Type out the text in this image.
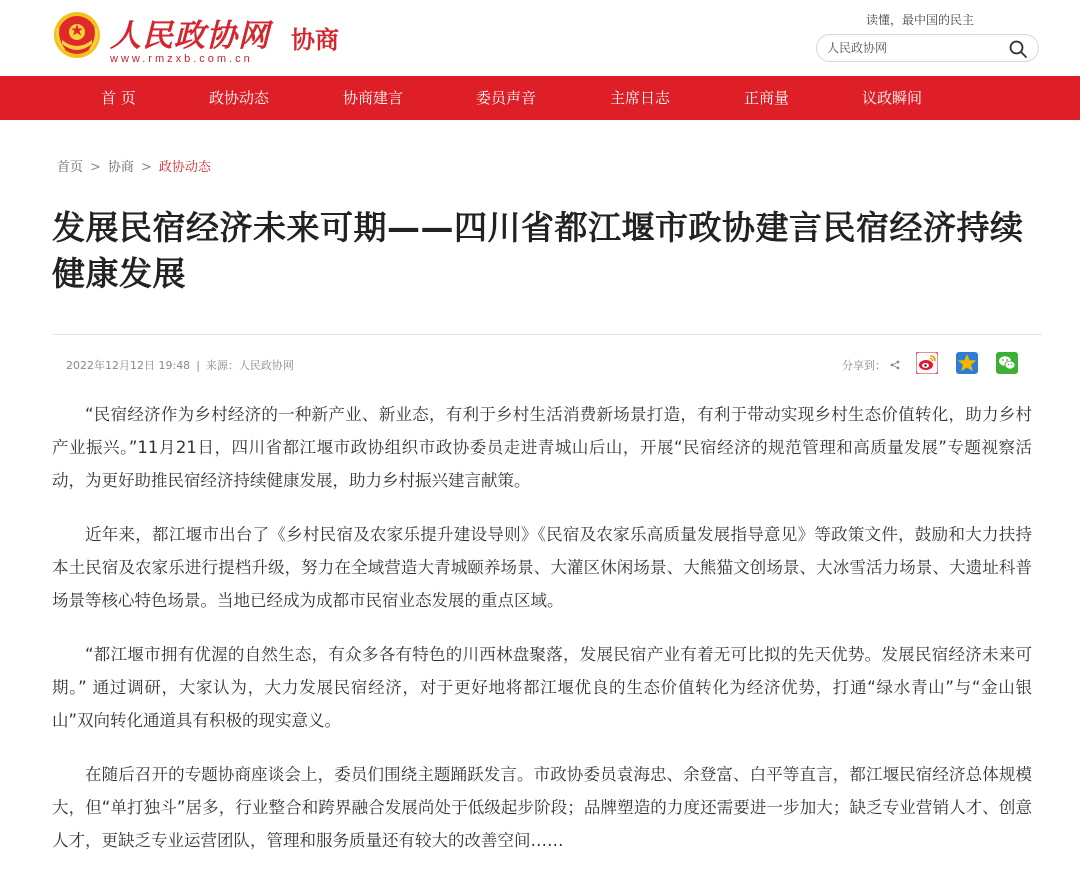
人民政协网
www.rmzxb.com.cn
协商
读懂，最中国的民主
人民政协网
首 页	政协动态	协商建言	委员声音	主席日志	正商量	议政瞬间
首页 > 协商 > 政协动态
发展民宿经济未来可期——四川省都江堰市政协建言民宿经济持续健康发展
2022年12月12日 19:48 | 来源：人民政协网	分享到：

“民宿经济作为乡村经济的一种新产业、新业态，有利于乡村生活消费新场景打造，有利于带动实现乡村生态价值转化，助力乡村产业振兴。”11月21日，四川省都江堰市政协组织市政协委员走进青城山后山，开展“民宿经济的规范管理和高质量发展”专题视察活动，为更好助推民宿经济持续健康发展，助力乡村振兴建言献策。

近年来，都江堰市出台了《乡村民宿及农家乐提升建设导则》《民宿及农家乐高质量发展指导意见》等政策文件，鼓励和大力扶持本土民宿及农家乐进行提档升级，努力在全域营造大青城颐养场景、大灌区休闲场景、大熊猫文创场景、大冰雪活力场景、大遗址科普场景等核心特色场景。当地已经成为成都市民宿业态发展的重点区域。

“都江堰市拥有优渥的自然生态，有众多各有特色的川西林盘聚落，发展民宿产业有着无可比拟的先天优势。发展民宿经济未来可期。” 通过调研，大家认为，大力发展民宿经济，对于更好地将都江堰优良的生态价值转化为经济优势，打通“绿水青山”与“金山银山”双向转化通道具有积极的现实意义。

在随后召开的专题协商座谈会上，委员们围绕主题踊跃发言。市政协委员袁海忠、余登富、白平等直言，都江堰民宿经济总体规模大，但“单打独斗”居多，行业整合和跨界融合发展尚处于低级起步阶段；品牌塑造的力度还需要进一步加大；缺乏专业营销人才、创意人才，更缺乏专业运营团队，管理和服务质量还有较大的改善空间……
